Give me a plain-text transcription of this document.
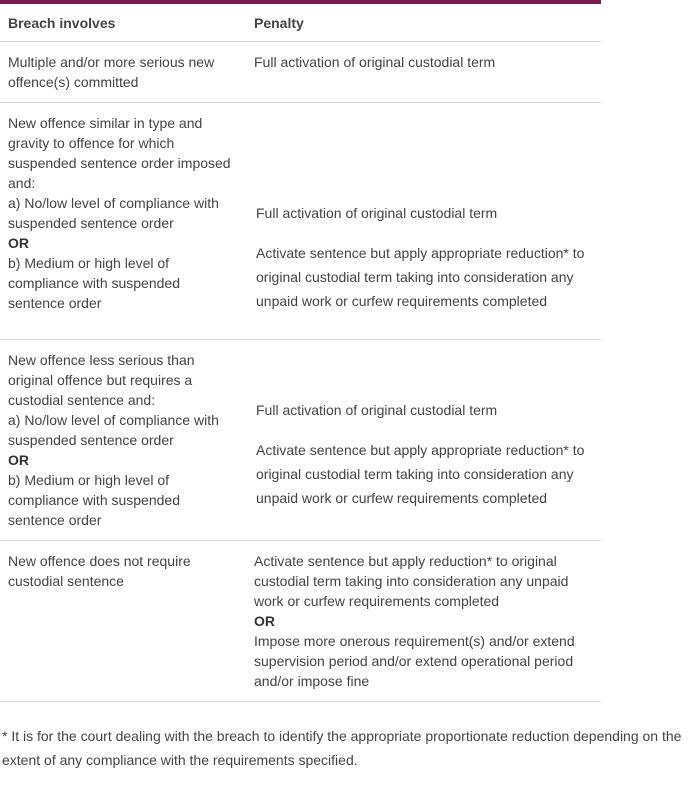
Breach involves	Penalty
Multiple and/or more serious new
offence(s) committed
Full activation of original custodial term
New offence similar in type and
gravity to offence for which
suspended sentence order imposed
and:
a) No/low level of compliance with
suspended sentence order
OR
b) Medium or high level of
compliance with suspended
sentence order
Full activation of original custodial term
Activate sentence but apply appropriate reduction* to
original custodial term taking into consideration any
unpaid work or curfew requirements completed
New offence less serious than
original offence but requires a
custodial sentence and:
a) No/low level of compliance with
suspended sentence order
OR
b) Medium or high level of
compliance with suspended
sentence order
Full activation of original custodial term
Activate sentence but apply appropriate reduction* to
original custodial term taking into consideration any
unpaid work or curfew requirements completed
New offence does not require
custodial sentence
Activate sentence but apply reduction* to original
custodial term taking into consideration any unpaid
work or curfew requirements completed
OR
Impose more onerous requirement(s) and/or extend
supervision period and/or extend operational period
and/or impose fine
* It is for the court dealing with the breach to identify the appropriate proportionate reduction depending on the
extent of any compliance with the requirements specified.
